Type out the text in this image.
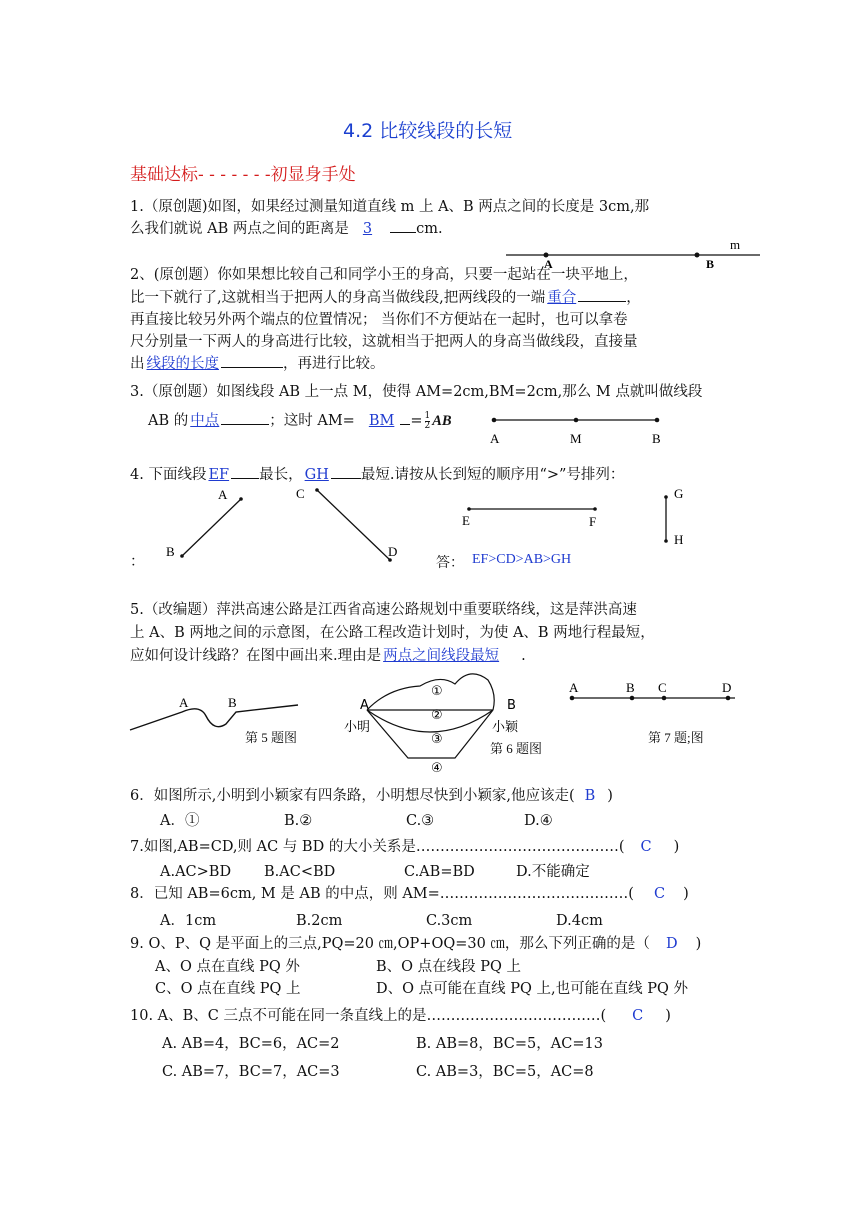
4.2 比较线段的长短
基础达标- - - - - - -初显身手处
1.（原创题)如图，如果经过测量知道直线 m 上 A、B 两点之间的长度是 3cm,那
么我们就说 AB 两点之间的距离是 3	cm.
2、(原创题）你如果想比较自己和同学小王的身高，只要一起站在一块平地上，
比一下就行了,这就相当于把两人的身高当做线段,把两线段的一端 重合	，
再直接比较另外两个端点的位置情况； 当你们不方便站在一起时，也可以拿卷
尺分别量一下两人的身高进行比较，这就相当于把两人的身高当做线段，直接量
出 线段的长度	，再进行比较。
3.（原创题）如图线段 AB 上一点 M，使得 AM=2cm,BM=2cm,那么 M 点就叫做线段
AB 的 中点	；这时 AM= BM = $\frac{1}{2}$ AB
4. 下面线段 EF 最长， GH 最短.请按从长到短的顺序用“>”号排列：
：	答： EF>CD>AB>GH
5.（改编题）萍洪高速公路是江西省高速公路规划中重要联络线，这是萍洪高速
上 A、B 两地之间的示意图，在公路工程改造计划时，为使 A、B 两地行程最短，
应如何设计线路？在图中画出来.理由是 两点之间线段最短 .
第 5 题图
第 6 题图
第 7 题;图
6．如图所示,小明到小颖家有四条路，小明想尽快到小颖家,他应该走( B )
A．①	B.②	C.③	D.④
7.如图,AB=CD,则 AC 与 BD 的大小关系是……………………………………( C )
A.AC>BD B.AC<BD	C.AB=BD	D.不能确定
8．已知 AB=6cm, M 是 AB 的中点，则 AM=…………………………………( C )
A．1cm	B.2cm	C.3cm	D.4cm
9. O、P、Q 是平面上的三点,PQ=20 ㎝,OP+OQ=30 ㎝，那么下列正确的是（ D )
A、O 点在直线 PQ 外	B、O 点在线段 PQ 上
C、O 点在直线 PQ 上	D、O 点可能在直线 PQ 上,也可能在直线 PQ 外
10. A、B、C 三点不可能在同一条直线上的是………………………………( C )
A. AB=4，BC=6，AC=2	B. AB=8，BC=5，AC=13
C. AB=7，BC=7，AC=3	C. AB=3，BC=5，AC=8
m
A	B
A	M	B
A
B
C
D
E	F
G
H
A	B	A	B
小明	小颖
①
②
③
④
A	B C	D
